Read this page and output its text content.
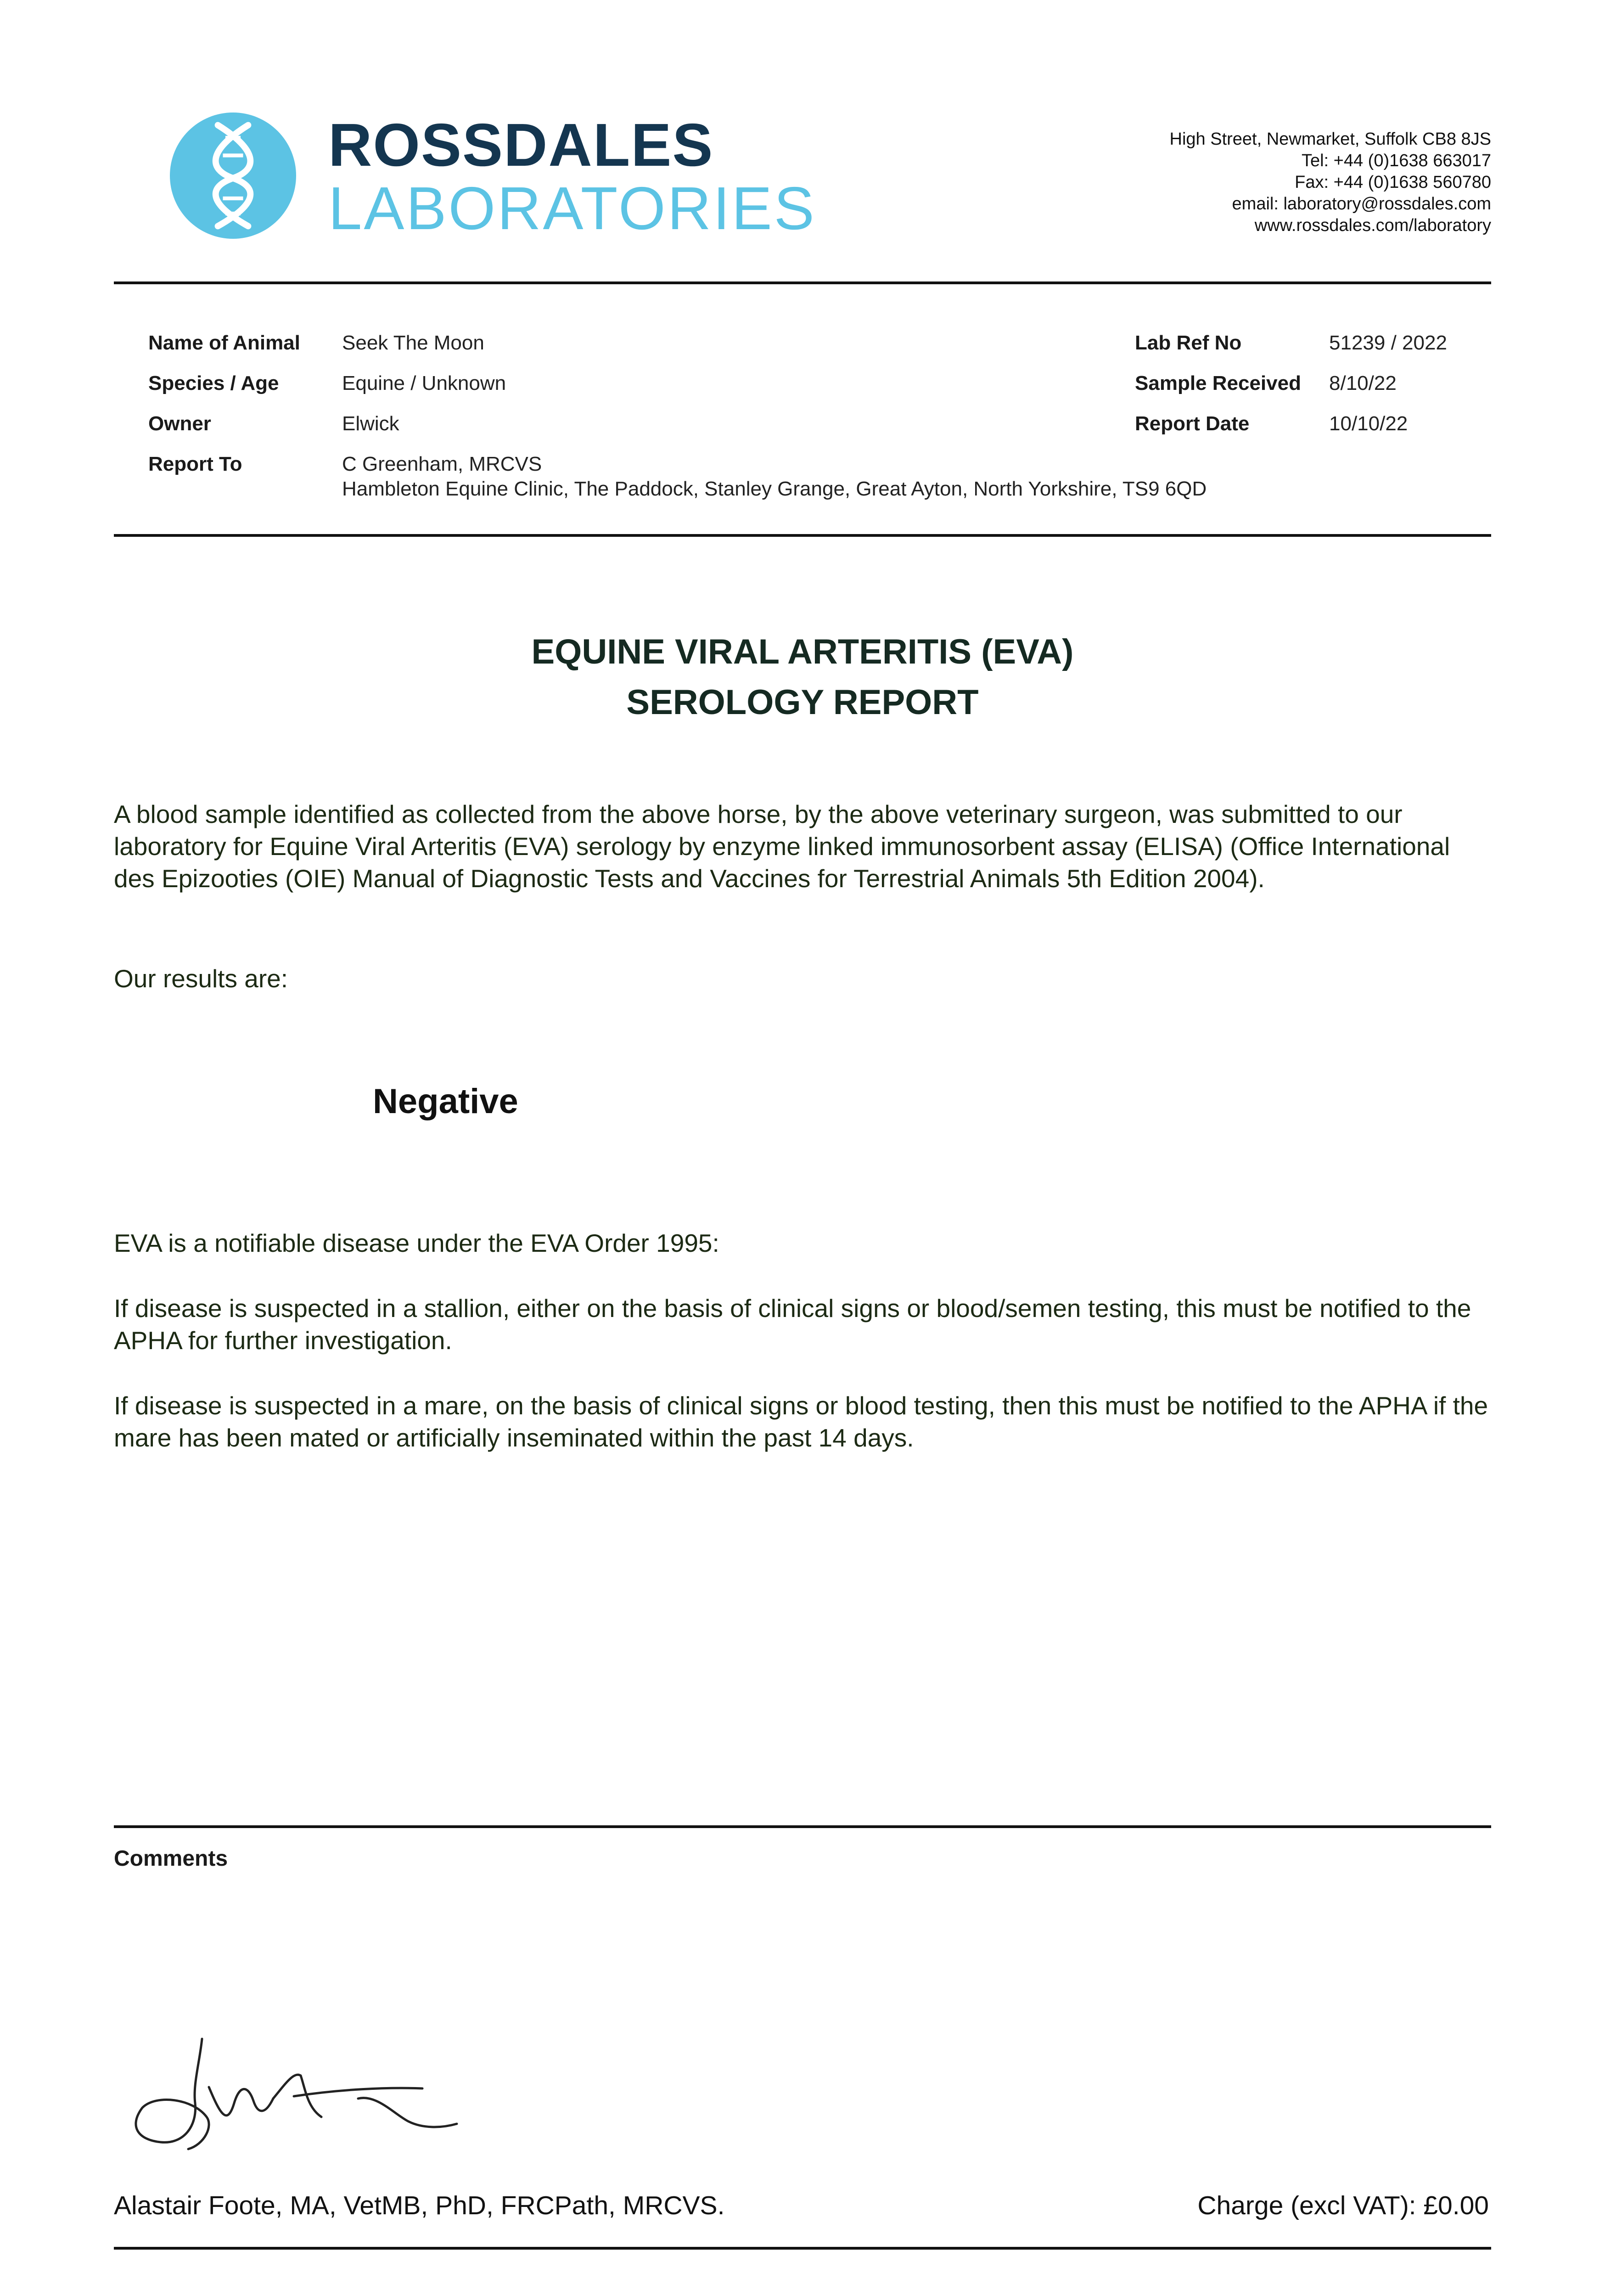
ROSSDALES
LABORATORIES
High Street, Newmarket, Suffolk CB8 8JS
Tel: +44 (0)1638 663017
Fax: +44 (0)1638 560780
email: laboratory@rossdales.com
www.rossdales.com/laboratory
Name of Animal Seek The Moon
Species / Age	Equine / Unknown
Owner	Elwick
Report To	C Greenham, MRCVS
Hambleton Equine Clinic, The Paddock, Stanley Grange, Great Ayton, North Yorkshire, TS9 6QD
Lab Ref No	51239 / 2022
Sample Received 8/10/22
Report Date	10/10/22
EQUINE VIRAL ARTERITIS (EVA)
SEROLOGY REPORT
A blood sample identified as collected from the above horse, by the above veterinary surgeon, was submitted to our laboratory for Equine Viral Arteritis (EVA) serology by enzyme linked immunosorbent assay (ELISA) (Office International des Epizooties (OIE) Manual of Diagnostic Tests and Vaccines for Terrestrial Animals 5th Edition 2004).
Our results are:
Negative
EVA is a notifiable disease under the EVA Order 1995:
If disease is suspected in a stallion, either on the basis of clinical signs or blood/semen testing, this must be notified to the APHA for further investigation.
If disease is suspected in a mare, on the basis of clinical signs or blood testing, then this must be notified to the APHA if the mare has been mated or artificially inseminated within the past 14 days.
Comments
Alastair Foote, MA, VetMB, PhD, FRCPath, MRCVS.	Charge (excl VAT): £0.00
